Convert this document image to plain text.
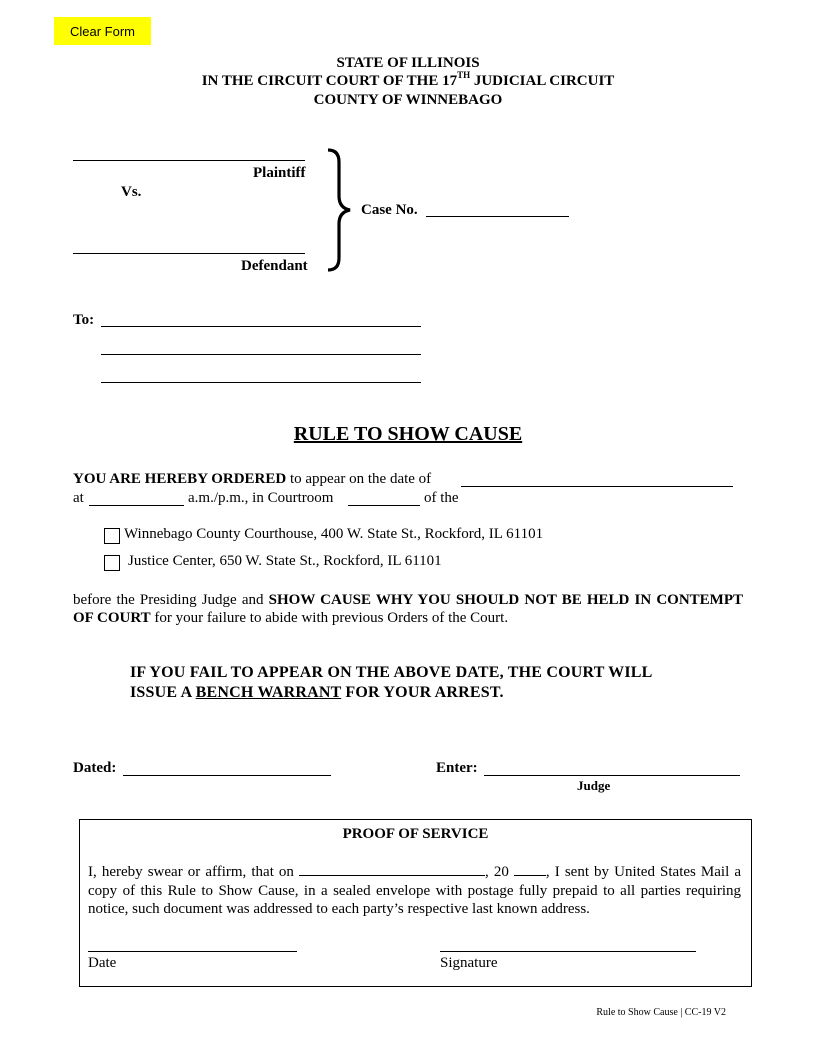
Clear Form
STATE OF ILLINOIS
IN THE CIRCUIT COURT OF THE 17TH JUDICIAL CIRCUIT
COUNTY OF WINNEBAGO
Plaintiff
Vs.
Defendant
Case No.
To:
RULE TO SHOW CAUSE
YOU ARE HEREBY ORDERED to appear on the date of
at	a.m./p.m., in Courtroom	of the
Winnebago County Courthouse, 400 W. State St., Rockford, IL 61101
Justice Center, 650 W. State St., Rockford, IL 61101
before the Presiding Judge and SHOW CAUSE WHY YOU SHOULD NOT BE HELD IN CONTEMPT OF COURT for your failure to abide with previous Orders of the Court.
IF YOU FAIL TO APPEAR ON THE ABOVE DATE, THE COURT WILL
ISSUE A BENCH WARRANT FOR YOUR ARREST.
Dated:	Enter:
Judge
PROOF OF SERVICE
I, hereby swear or affirm, that on	, 20 , I sent by United States Mail a copy of this Rule to Show Cause, in a sealed envelope with postage fully prepaid to all parties requiring notice, such document was addressed to each party’s respective last known address.
Date	Signature
Rule to Show Cause | CC-19 V2
